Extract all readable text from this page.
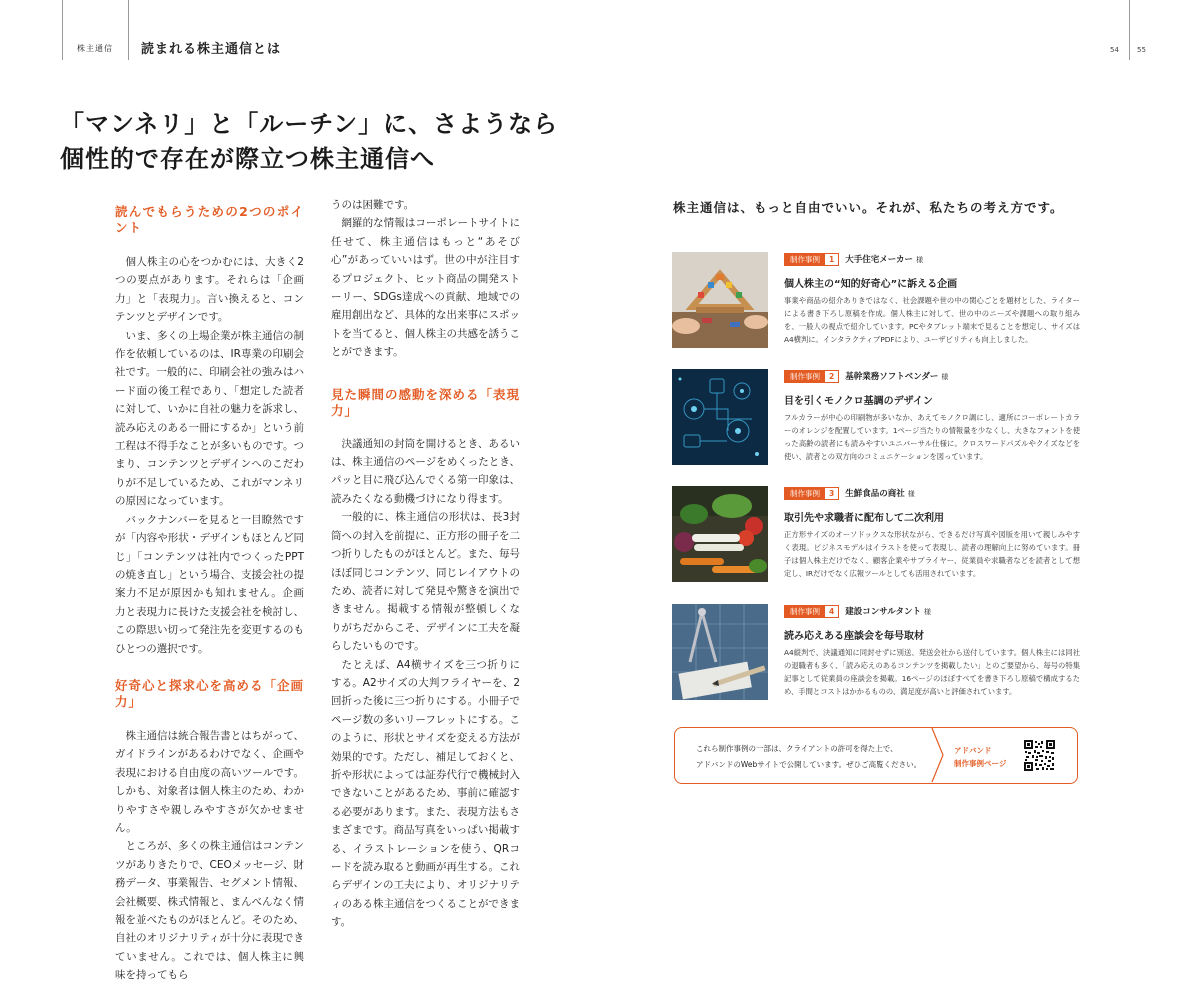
株主通信 読まれる株主通信とは	54	55
「マンネリ」と「ルーチン」に、さようなら
個性的で存在が際立つ株主通信へ
読んでもらうための2つのポイント

個人株主の心をつかむには、大きく2つの要点があります。それらは「企画力」と「表現力」。言い換えると、コンテンツとデザインです。

いま、多くの上場企業が株主通信の制作を依頼しているのは、IR専業の印刷会社です。一般的に、印刷会社の強みはハード面の後工程であり、「想定した読者に対して、いかに自社の魅力を訴求し、読み応えのある一冊にするか」という前工程は不得手なことが多いものです。つまり、コンテンツとデザインへのこだわりが不足しているため、これがマンネリの原因になっています。

バックナンバーを見ると一目瞭然ですが「内容や形状・デザインもほとんど同じ」「コンテンツは社内でつくったPPTの焼き直し」という場合、支援会社の提案力不足が原因かも知れません。企画力と表現力に長けた支援会社を検討し、この際思い切って発注先を変更するのもひとつの選択です。

好奇心と探求心を高める「企画力」

株主通信は統合報告書とはちがって、ガイドラインがあるわけでなく、企画や表現における自由度の高いツールです。しかも、対象者は個人株主のため、わかりやすさや親しみやすさが欠かせません。

ところが、多くの株主通信はコンテンツがありきたりで、CEOメッセージ、財務データ、事業報告、セグメント情報、会社概要、株式情報と、まんべんなく情報を並べたものがほとんど。そのため、自社のオリジナリティが十分に表現できていません。これでは、個人株主に興味を持ってもら

うのは困難です。

網羅的な情報はコーポレートサイトに任せて、株主通信はもっと“あそび心”があっていいはず。世の中が注目するプロジェクト、ヒット商品の開発ストーリー、SDGs達成への貢献、地域での雇用創出など、具体的な出来事にスポットを当てると、個人株主の共感を誘うことができます。

見た瞬間の感動を深める「表現力」

決議通知の封筒を開けるとき、あるいは、株主通信のページをめくったとき、パッと目に飛び込んでくる第一印象は、読みたくなる動機づけになり得ます。

一般的に、株主通信の形状は、長3封筒への封入を前提に、正方形の冊子を二つ折りしたものがほとんど。また、毎号ほぼ同じコンテンツ、同じレイアウトのため、読者に対して発見や驚きを演出できません。掲載する情報が整頓しくなりがちだからこそ、デザインに工夫を凝らしたいものです。

たとえば、A4横サイズを三つ折りにする。A2サイズの大判フライヤーを、2回折った後に三つ折りにする。小冊子でページ数の多いリーフレットにする。このように、形状とサイズを変える方法が効果的です。ただし、補足しておくと、折や形状によっては証券代行で機械封入できないことがあるため、事前に確認する必要があります。また、表現方法もさまざまです。商品写真をいっぱい掲載する、イラストレーションを使う、QRコードを読み取ると動画が再生する。これらデザインの工夫により、オリジナリティのある株主通信をつくることができます。

株主通信は、もっと自由でいい。それが、私たちの考え方です。
制作事例	1	大手住宅メーカー 様
個人株主の“知的好奇心”に訴える企画
事業や商品の紹介ありきではなく、社会課題や世の中の関心ごとを題材とした、ライターによる書き下ろし原稿を作成。個人株主に対して、世の中のニーズや課題への取り組みを、一般人の視点で紹介しています。PCやタブレット端末で見ることを想定し、サイズはA4横判に。インタラクティブPDFにより、ユーザビリティも向上しました。
制作事例	2	基幹業務ソフトベンダー 様
目を引くモノクロ基調のデザイン
フルカラーが中心の印刷物が多いなか、あえてモノクロ調にし、適所にコーポレートカラーのオレンジを配置しています。1ページ当たりの情報量を少なくし、大きなフォントを使った高齢の読者にも読みやすいユニバーサル仕様に。クロスワードパズルやクイズなどを使い、読者との双方向のコミュニケーションを図っています。
制作事例	3	生鮮食品の商社 様
取引先や求職者に配布して二次利用
正方形サイズのオーソドックスな形状ながら、できるだけ写真や図版を用いて親しみやすく表現。ビジネスモデルはイラストを使って表現し、読者の理解向上に努めています。冊子は個人株主だけでなく、顧客企業やサプライヤー、従業員や求職者などを読者として想定し、IRだけでなく広報ツールとしても活用されています。
制作事例	4	建設コンサルタント 様
読み応えある座談会を毎号取材
A4縦判で、決議通知に同封せずに別送、発送会社から送付しています。個人株主には同社の退職者も多く、「読み応えのあるコンテンツを掲載したい」とのご要望から、毎号の特集記事として従業員の座談会を掲載。16ページのほぼすべてを書き下ろし原稿で構成するため、手間とコストはかかるものの、満足度が高いと評価されています。
これら制作事例の一部は、クライアントの許可を得た上で、
アドバンドのWebサイトで公開しています。ぜひご高覧ください。
アドバンド
制作事例ページ
